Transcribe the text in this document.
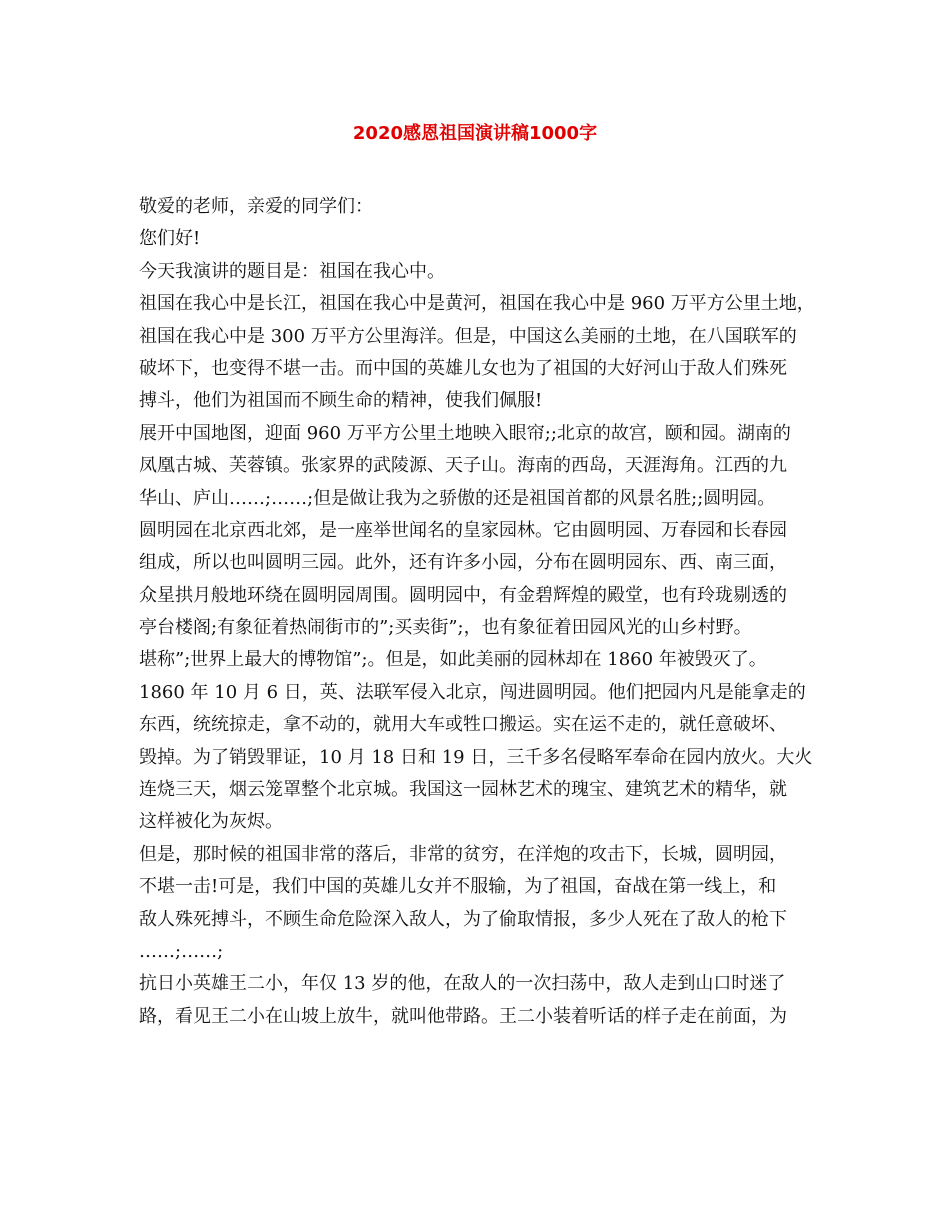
2020感恩祖国演讲稿1000字
敬爱的老师，亲爱的同学们：
您们好!
今天我演讲的题目是：祖国在我心中。
祖国在我心中是长江，祖国在我心中是黄河，祖国在我心中是 960 万平方公里土地，
祖国在我心中是 300 万平方公里海洋。但是，中国这么美丽的土地，在八国联军的
破坏下，也变得不堪一击。而中国的英雄儿女也为了祖国的大好河山于敌人们殊死
搏斗，他们为祖国而不顾生命的精神，使我们佩服!
展开中国地图，迎面 960 万平方公里土地映入眼帘;;北京的故宫，颐和园。湖南的
凤凰古城、芙蓉镇。张家界的武陵源、天子山。海南的西岛，天涯海角。江西的九
华山、庐山……;……;但是做让我为之骄傲的还是祖国首都的风景名胜;;圆明园。
圆明园在北京西北郊，是一座举世闻名的皇家园林。它由圆明园、万春园和长春园
组成，所以也叫圆明三园。此外，还有许多小园，分布在圆明园东、西、南三面，
众星拱月般地环绕在圆明园周围。圆明园中，有金碧辉煌的殿堂，也有玲珑剔透的
亭台楼阁;有象征着热闹街市的”;买卖街”;，也有象征着田园风光的山乡村野。
堪称”;世界上最大的博物馆”;。但是，如此美丽的园林却在 1860 年被毁灭了。
1860 年 10 月 6 日，英、法联军侵入北京，闯进圆明园。他们把园内凡是能拿走的
东西，统统掠走，拿不动的，就用大车或牲口搬运。实在运不走的，就任意破坏、
毁掉。为了销毁罪证，10 月 18 日和 19 日，三千多名侵略军奉命在园内放火。大火
连烧三天，烟云笼罩整个北京城。我国这一园林艺术的瑰宝、建筑艺术的精华，就
这样被化为灰烬。
但是，那时候的祖国非常的落后，非常的贫穷，在洋炮的攻击下，长城，圆明园，
不堪一击!可是，我们中国的英雄儿女并不服输，为了祖国，奋战在第一线上，和
敌人殊死搏斗，不顾生命危险深入敌人，为了偷取情报，多少人死在了敌人的枪下
……;……;
抗日小英雄王二小，年仅 13 岁的他，在敌人的一次扫荡中，敌人走到山口时迷了
路，看见王二小在山坡上放牛，就叫他带路。王二小装着听话的样子走在前面，为
